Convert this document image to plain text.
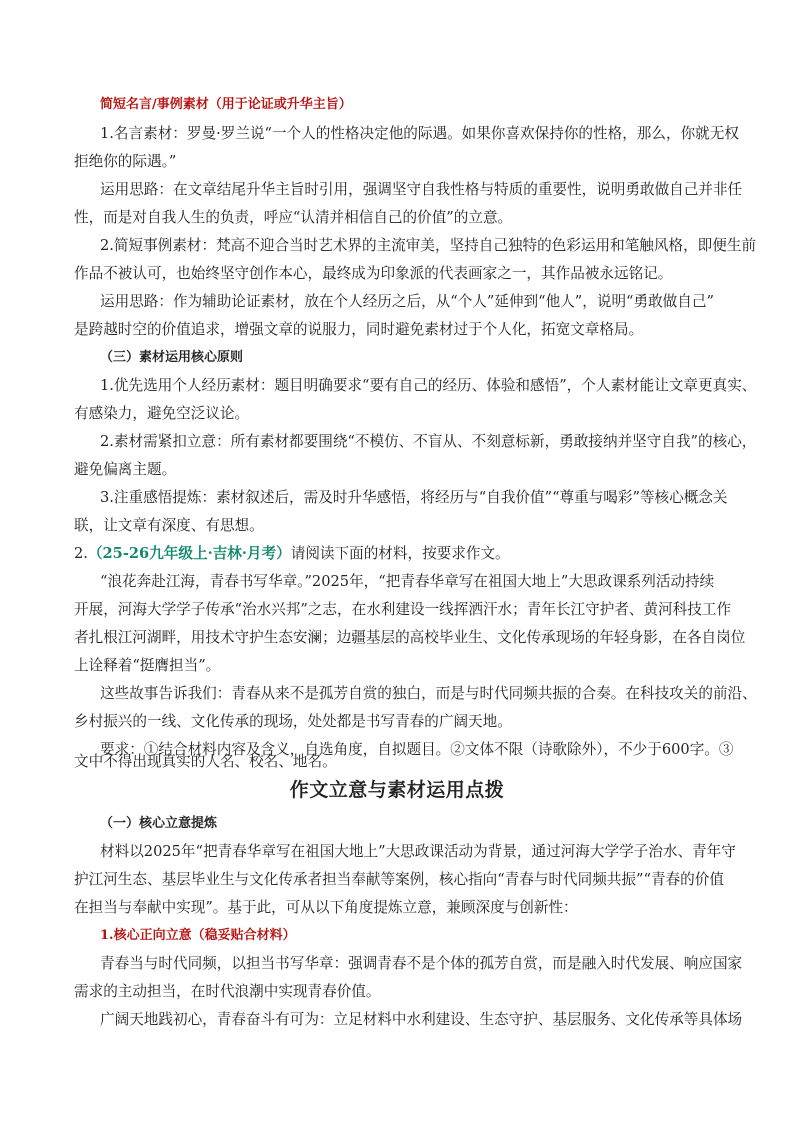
简短名言/事例素材（用于论证或升华主旨）
1.名言素材：罗曼·罗兰说“一个人的性格决定他的际遇。如果你喜欢保持你的性格，那么，你就无权
拒绝你的际遇。”
运用思路：在文章结尾升华主旨时引用，强调坚守自我性格与特质的重要性，说明勇敢做自己并非任
性，而是对自我人生的负责，呼应“认清并相信自己的价值”的立意。
2.简短事例素材：梵高不迎合当时艺术界的主流审美，坚持自己独特的色彩运用和笔触风格，即便生前
作品不被认可，也始终坚守创作本心，最终成为印象派的代表画家之一，其作品被永远铭记。
运用思路：作为辅助论证素材，放在个人经历之后，从“个人”延伸到“他人”，说明“勇敢做自己”
是跨越时空的价值追求，增强文章的说服力，同时避免素材过于个人化，拓宽文章格局。
（三）素材运用核心原则
1.优先选用个人经历素材：题目明确要求“要有自己的经历、体验和感悟”，个人素材能让文章更真实、
有感染力，避免空泛议论。
2.素材需紧扣立意：所有素材都要围绕“不模仿、不盲从、不刻意标新，勇敢接纳并坚守自我”的核心，
避免偏离主题。
3.注重感悟提炼：素材叙述后，需及时升华感悟，将经历与“自我价值”“尊重与喝彩”等核心概念关
联，让文章有深度、有思想。
2.（25-26九年级上·吉林·月考）请阅读下面的材料，按要求作文。
“浪花奔赴江海，青春书写华章。”2025年，“把青春华章写在祖国大地上”大思政课系列活动持续
开展，河海大学学子传承“治水兴邦”之志，在水利建设一线挥洒汗水；青年长江守护者、黄河科技工作
者扎根江河湖畔，用技术守护生态安澜；边疆基层的高校毕业生、文化传承现场的年轻身影，在各自岗位
上诠释着“挺膺担当”。
这些故事告诉我们：青春从来不是孤芳自赏的独白，而是与时代同频共振的合奏。在科技攻关的前沿、
乡村振兴的一线、文化传承的现场，处处都是书写青春的广阔天地。
要求：①结合材料内容及含义，自选角度，自拟题目。②文体不限（诗歌除外），不少于600字。③
文中不得出现真实的人名、校名、地名。
作文立意与素材运用点拨
（一）核心立意提炼
材料以2025年“把青春华章写在祖国大地上”大思政课活动为背景，通过河海大学学子治水、青年守
护江河生态、基层毕业生与文化传承者担当奉献等案例，核心指向“青春与时代同频共振”“青春的价值
在担当与奉献中实现”。基于此，可从以下角度提炼立意，兼顾深度与创新性：
1.核心正向立意（稳妥贴合材料）
青春当与时代同频，以担当书写华章：强调青春不是个体的孤芳自赏，而是融入时代发展、响应国家
需求的主动担当，在时代浪潮中实现青春价值。
广阔天地践初心，青春奋斗有可为：立足材料中水利建设、生态守护、基层服务、文化传承等具体场
